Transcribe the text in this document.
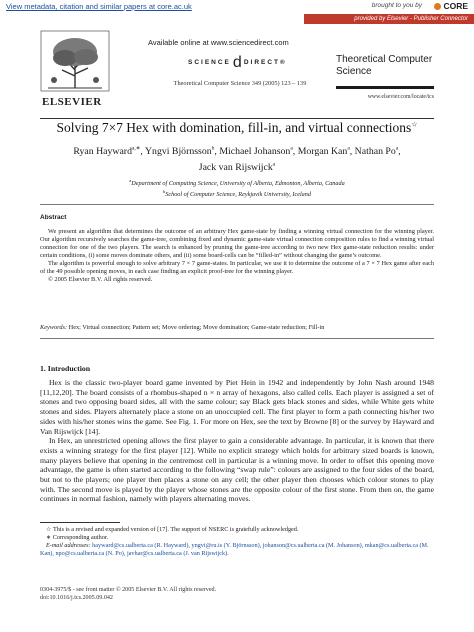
View metadata, citation and similar papers at core.ac.uk	brought to you by	CORE
provided by Elsevier - Publisher Connector
ELSEVIER
Available online at www.sciencedirect.com
SCIENCE d DIRECT®
Theoretical Computer Science 349 (2005) 123 – 139
Theoretical Computer Science
www.elsevier.com/locate/tcs
Solving 7×7 Hex with domination, fill-in, and virtual connections☆
Ryan Hayward$^{a,∗}$, Yngvi Björnsson$^b$, Michael Johanson$^a$, Morgan Kan$^a$, Nathan Po$^a$,
Jack van Rijswijck$^a$
$^a$Department of Computing Science, University of Alberta, Edmonton, Alberta, Canada
$^b$School of Computer Science, Reykjavik University, Iceland
Abstract

We present an algorithm that determines the outcome of an arbitrary Hex game-state by finding a winning virtual connection for the winning player. Our algorithm recursively searches the game-tree, combining fixed and dynamic game-state virtual connection composition rules to find a winning virtual connection for one of the two players. The search is enhanced by pruning the game-tree according to two new Hex game-state reduction results: under certain conditions, (i) some moves dominate others, and (ii) some board-cells can be “filled-in” without changing the game’s outcome.

The algorithm is powerful enough to solve arbitrary 7 × 7 game-states. In particular, we use it to determine the outcome of a 7 × 7 Hex game after each of the 49 possible opening moves, in each case finding an explicit proof-tree for the winning player.

© 2005 Elsevier B.V. All rights reserved.

Keywords: Hex; Virtual connection; Pattern set; Move ordering; Move domination; Game-state reduction; Fill-in
1. Introduction

Hex is the classic two-player board game invented by Piet Hein in 1942 and independently by John Nash around 1948 [11,12,20]. The board consists of a rhombus-shaped n × n array of hexagons, also called cells. Each player is assigned a set of stones and two opposing board sides, all with the same colour; say Black gets black stones and sides, while White gets white stones and sides. Players alternately place a stone on an unoccupied cell. The first player to form a path connecting his/her two sides with his/her stones wins the game. See Fig. 1. For more on Hex, see the text by Browne [8] or the survey by Hayward and Van Rijswijck [14].

In Hex, an unrestricted opening allows the first player to gain a considerable advantage. In particular, it is known that there exists a winning strategy for the first player [12]. While no explicit strategy which holds for arbitrary sized boards is known, many players believe that opening in the centremost cell in particular is a winning move. In order to offset this opening move advantage, the game is often started according to the following “swap rule”: colours are assigned to the four sides of the board, but not to the players; one player then places a stone on any cell; the other player then chooses which colour stones to play with. The second move is played by the player whose stones are the opposite colour of the first stone. From then on, the game continues in normal fashion, namely with players alternating moves.

☆ This is a revised and expanded version of [17]. The support of NSERC is gratefully acknowledged.

∗ Corresponding author.

E-mail addresses: hayward@cs.ualberta.ca (R. Hayward), yngvi@ru.is (Y. Björnsson), johanson@cs.ualberta.ca (M. Johanson), mkan@cs.ualberta.ca (M. Kan), npo@cs.ualberta.ca (N. Po), javhar@cs.ualberta.ca (J. van Rijswijck).

0304-3975/$ - see front matter © 2005 Elsevier B.V. All rights reserved.
doi:10.1016/j.tcs.2005.09.042
